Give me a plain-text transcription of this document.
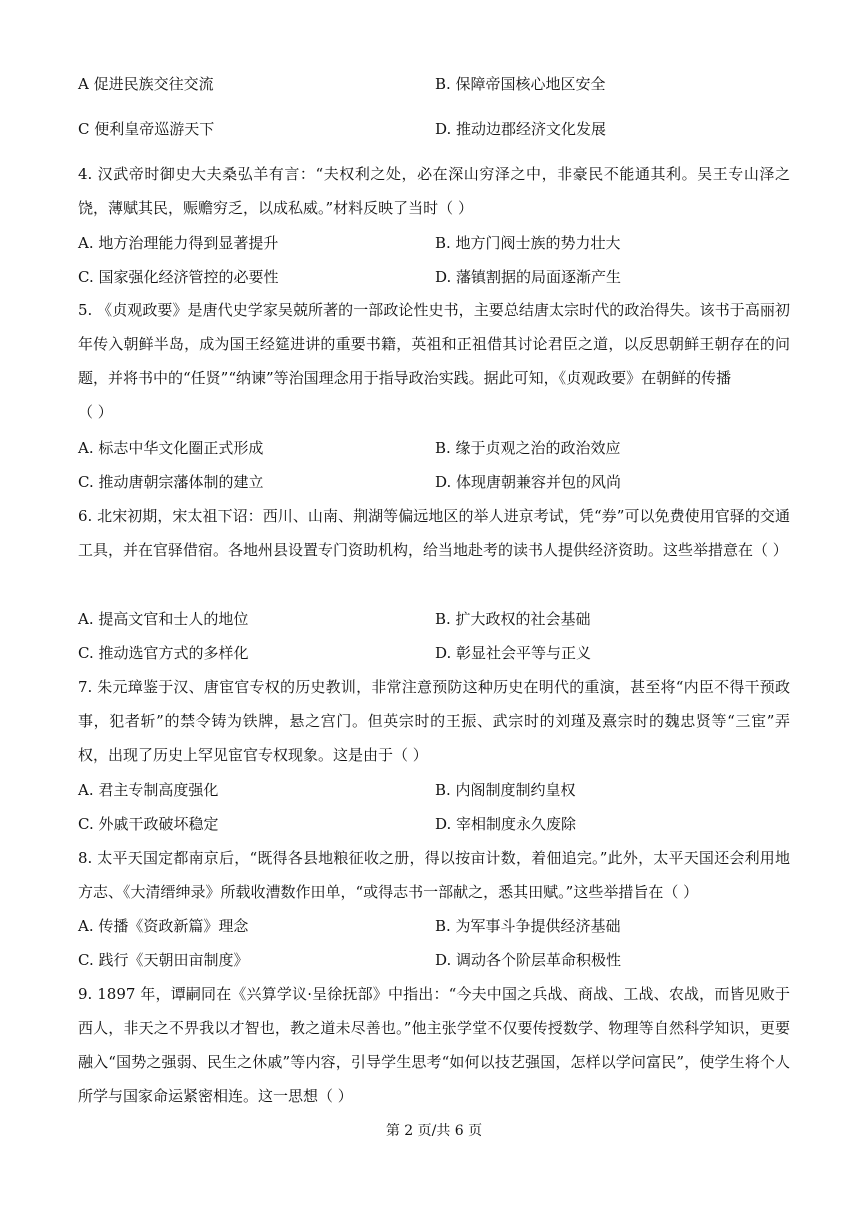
A 促进民族交往交流	B. 保障帝国核心地区安全
C 便利皇帝巡游天下	D. 推动边郡经济文化发展
4. 汉武帝时御史大夫桑弘羊有言：“夫权利之处，必在深山穷泽之中，非豪民不能通其利。吴王专山泽之饶，薄赋其民，赈赡穷乏，以成私威。”材料反映了当时（ ）
A. 地方治理能力得到显著提升	B. 地方门阀士族的势力壮大
C. 国家强化经济管控的必要性	D. 藩镇割据的局面逐渐产生
5. 《贞观政要》是唐代史学家吴兢所著的一部政论性史书，主要总结唐太宗时代的政治得失。该书于高丽初年传入朝鲜半岛，成为国王经筵进讲的重要书籍，英祖和正祖借其讨论君臣之道，以反思朝鲜王朝存在的问题，并将书中的“任贤”“纳谏”等治国理念用于指导政治实践。据此可知，《贞观政要》在朝鲜的传播
（ ）
A. 标志中华文化圈正式形成	B. 缘于贞观之治的政治效应
C. 推动唐朝宗藩体制的建立	D. 体现唐朝兼容并包的风尚
6. 北宋初期，宋太祖下诏：西川、山南、荆湖等偏远地区的举人进京考试，凭“券”可以免费使用官驿的交通工具，并在官驿借宿。各地州县设置专门资助机构，给当地赴考的读书人提供经济资助。这些举措意在（ ）
A. 提高文官和士人的地位	B. 扩大政权的社会基础
C. 推动选官方式的多样化	D. 彰显社会平等与正义
7. 朱元璋鉴于汉、唐宦官专权的历史教训，非常注意预防这种历史在明代的重演，甚至将“内臣不得干预政事，犯者斩”的禁令铸为铁牌，悬之宫门。但英宗时的王振、武宗时的刘瑾及熹宗时的魏忠贤等“三宦”弄权，出现了历史上罕见宦官专权现象。这是由于（ ）
A. 君主专制高度强化	B. 内阁制度制约皇权
C. 外戚干政破坏稳定	D. 宰相制度永久废除
8. 太平天国定都南京后，“既得各县地粮征收之册，得以按亩计数，着佃追完。”此外，太平天国还会利用地方志、《大清缙绅录》所载收漕数作田单，“或得志书一部献之，悉其田赋。”这些举措旨在（ ）
A. 传播《资政新篇》理念	B. 为军事斗争提供经济基础
C. 践行《天朝田亩制度》	D. 调动各个阶层革命积极性
9. 1897 年，谭嗣同在《兴算学议·呈徐抚部》中指出：“今夫中国之兵战、商战、工战、农战，而皆见败于西人，非天之不畀我以才智也，教之道未尽善也。”他主张学堂不仅要传授数学、物理等自然科学知识，更要融入“国势之强弱、民生之休戚”等内容，引导学生思考“如何以技艺强国，怎样以学问富民”，使学生将个人所学与国家命运紧密相连。这一思想（ ）
第 2 页/共 6 页
